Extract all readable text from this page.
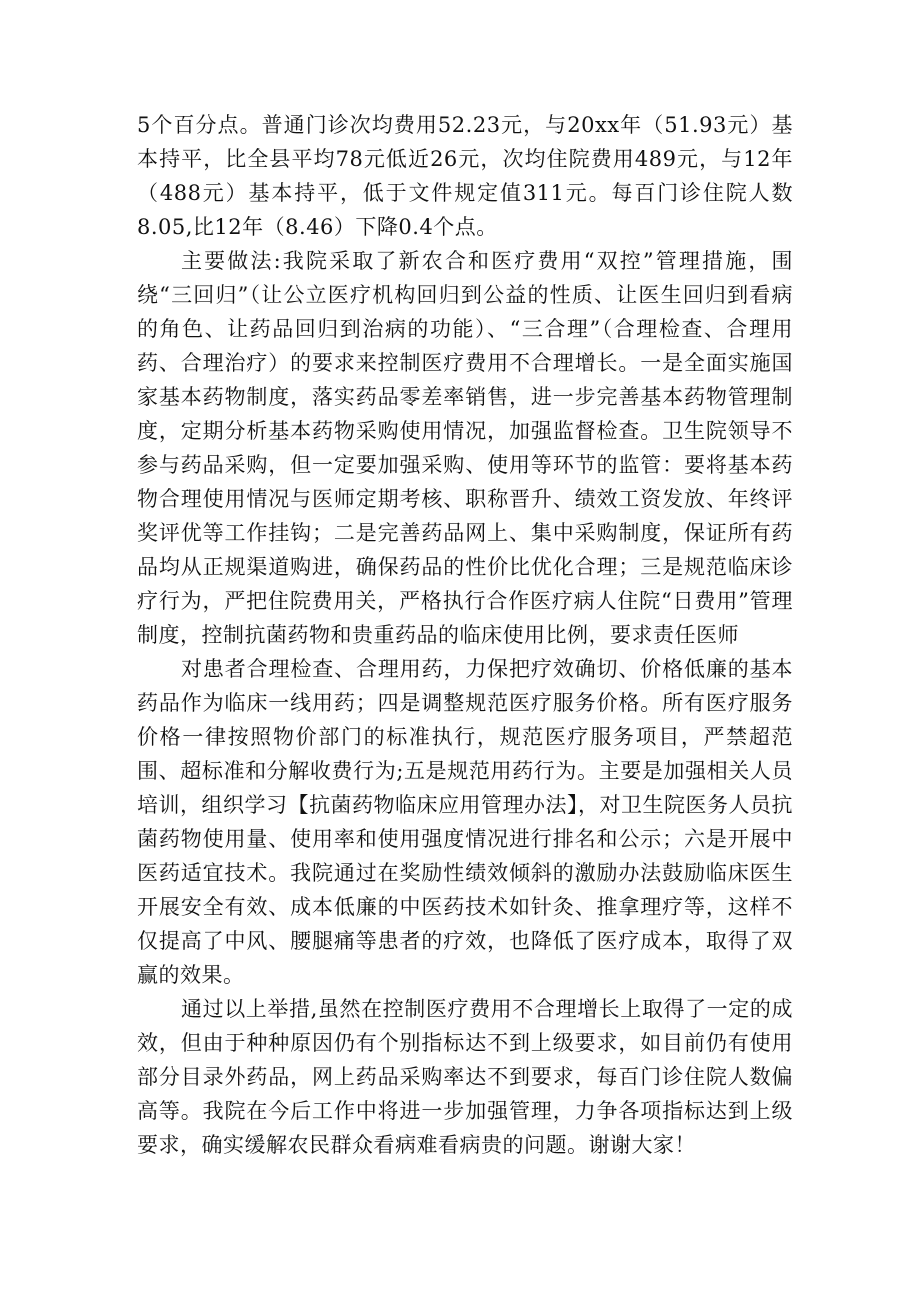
5个百分点。普通门诊次均费用52.23元，与20xx年（51.93元）基本持平，比全县平均78元低近26元，次均住院费用489元，与12年（488元）基本持平，低于文件规定值311元。每百门诊住院人数8.05,比12年（8.46）下降0.4个点。

主要做法:我院采取了新农合和医疗费用“双控”管理措施，围绕“三回归”（让公立医疗机构回归到公益的性质、让医生回归到看病的角色、让药品回归到治病的功能）、“三合理”（合理检查、合理用药、合理治疗）的要求来控制医疗费用不合理增长。一是全面实施国家基本药物制度，落实药品零差率销售，进一步完善基本药物管理制度，定期分析基本药物采购使用情况，加强监督检查。卫生院领导不参与药品采购，但一定要加强采购、使用等环节的监管：要将基本药物合理使用情况与医师定期考核、职称晋升、绩效工资发放、年终评奖评优等工作挂钩；二是完善药品网上、集中采购制度，保证所有药品均从正规渠道购进，确保药品的性价比优化合理；三是规范临床诊疗行为，严把住院费用关，严格执行合作医疗病人住院“日费用”管理制度，控制抗菌药物和贵重药品的临床使用比例，要求责任医师

对患者合理检查、合理用药，力保把疗效确切、价格低廉的基本药品作为临床一线用药；四是调整规范医疗服务价格。所有医疗服务价格一律按照物价部门的标准执行，规范医疗服务项目，严禁超范围、超标准和分解收费行为;五是规范用药行为。主要是加强相关人员培训，组织学习【抗菌药物临床应用管理办法】，对卫生院医务人员抗菌药物使用量、使用率和使用强度情况进行排名和公示；六是开展中医药适宜技术。我院通过在奖励性绩效倾斜的激励办法鼓励临床医生开展安全有效、成本低廉的中医药技术如针灸、推拿理疗等，这样不仅提高了中风、腰腿痛等患者的疗效，也降低了医疗成本，取得了双赢的效果。

通过以上举措,虽然在控制医疗费用不合理增长上取得了一定的成效，但由于种种原因仍有个别指标达不到上级要求，如目前仍有使用部分目录外药品，网上药品采购率达不到要求，每百门诊住院人数偏高等。我院在今后工作中将进一步加强管理，力争各项指标达到上级要求，确实缓解农民群众看病难看病贵的问题。谢谢大家！
